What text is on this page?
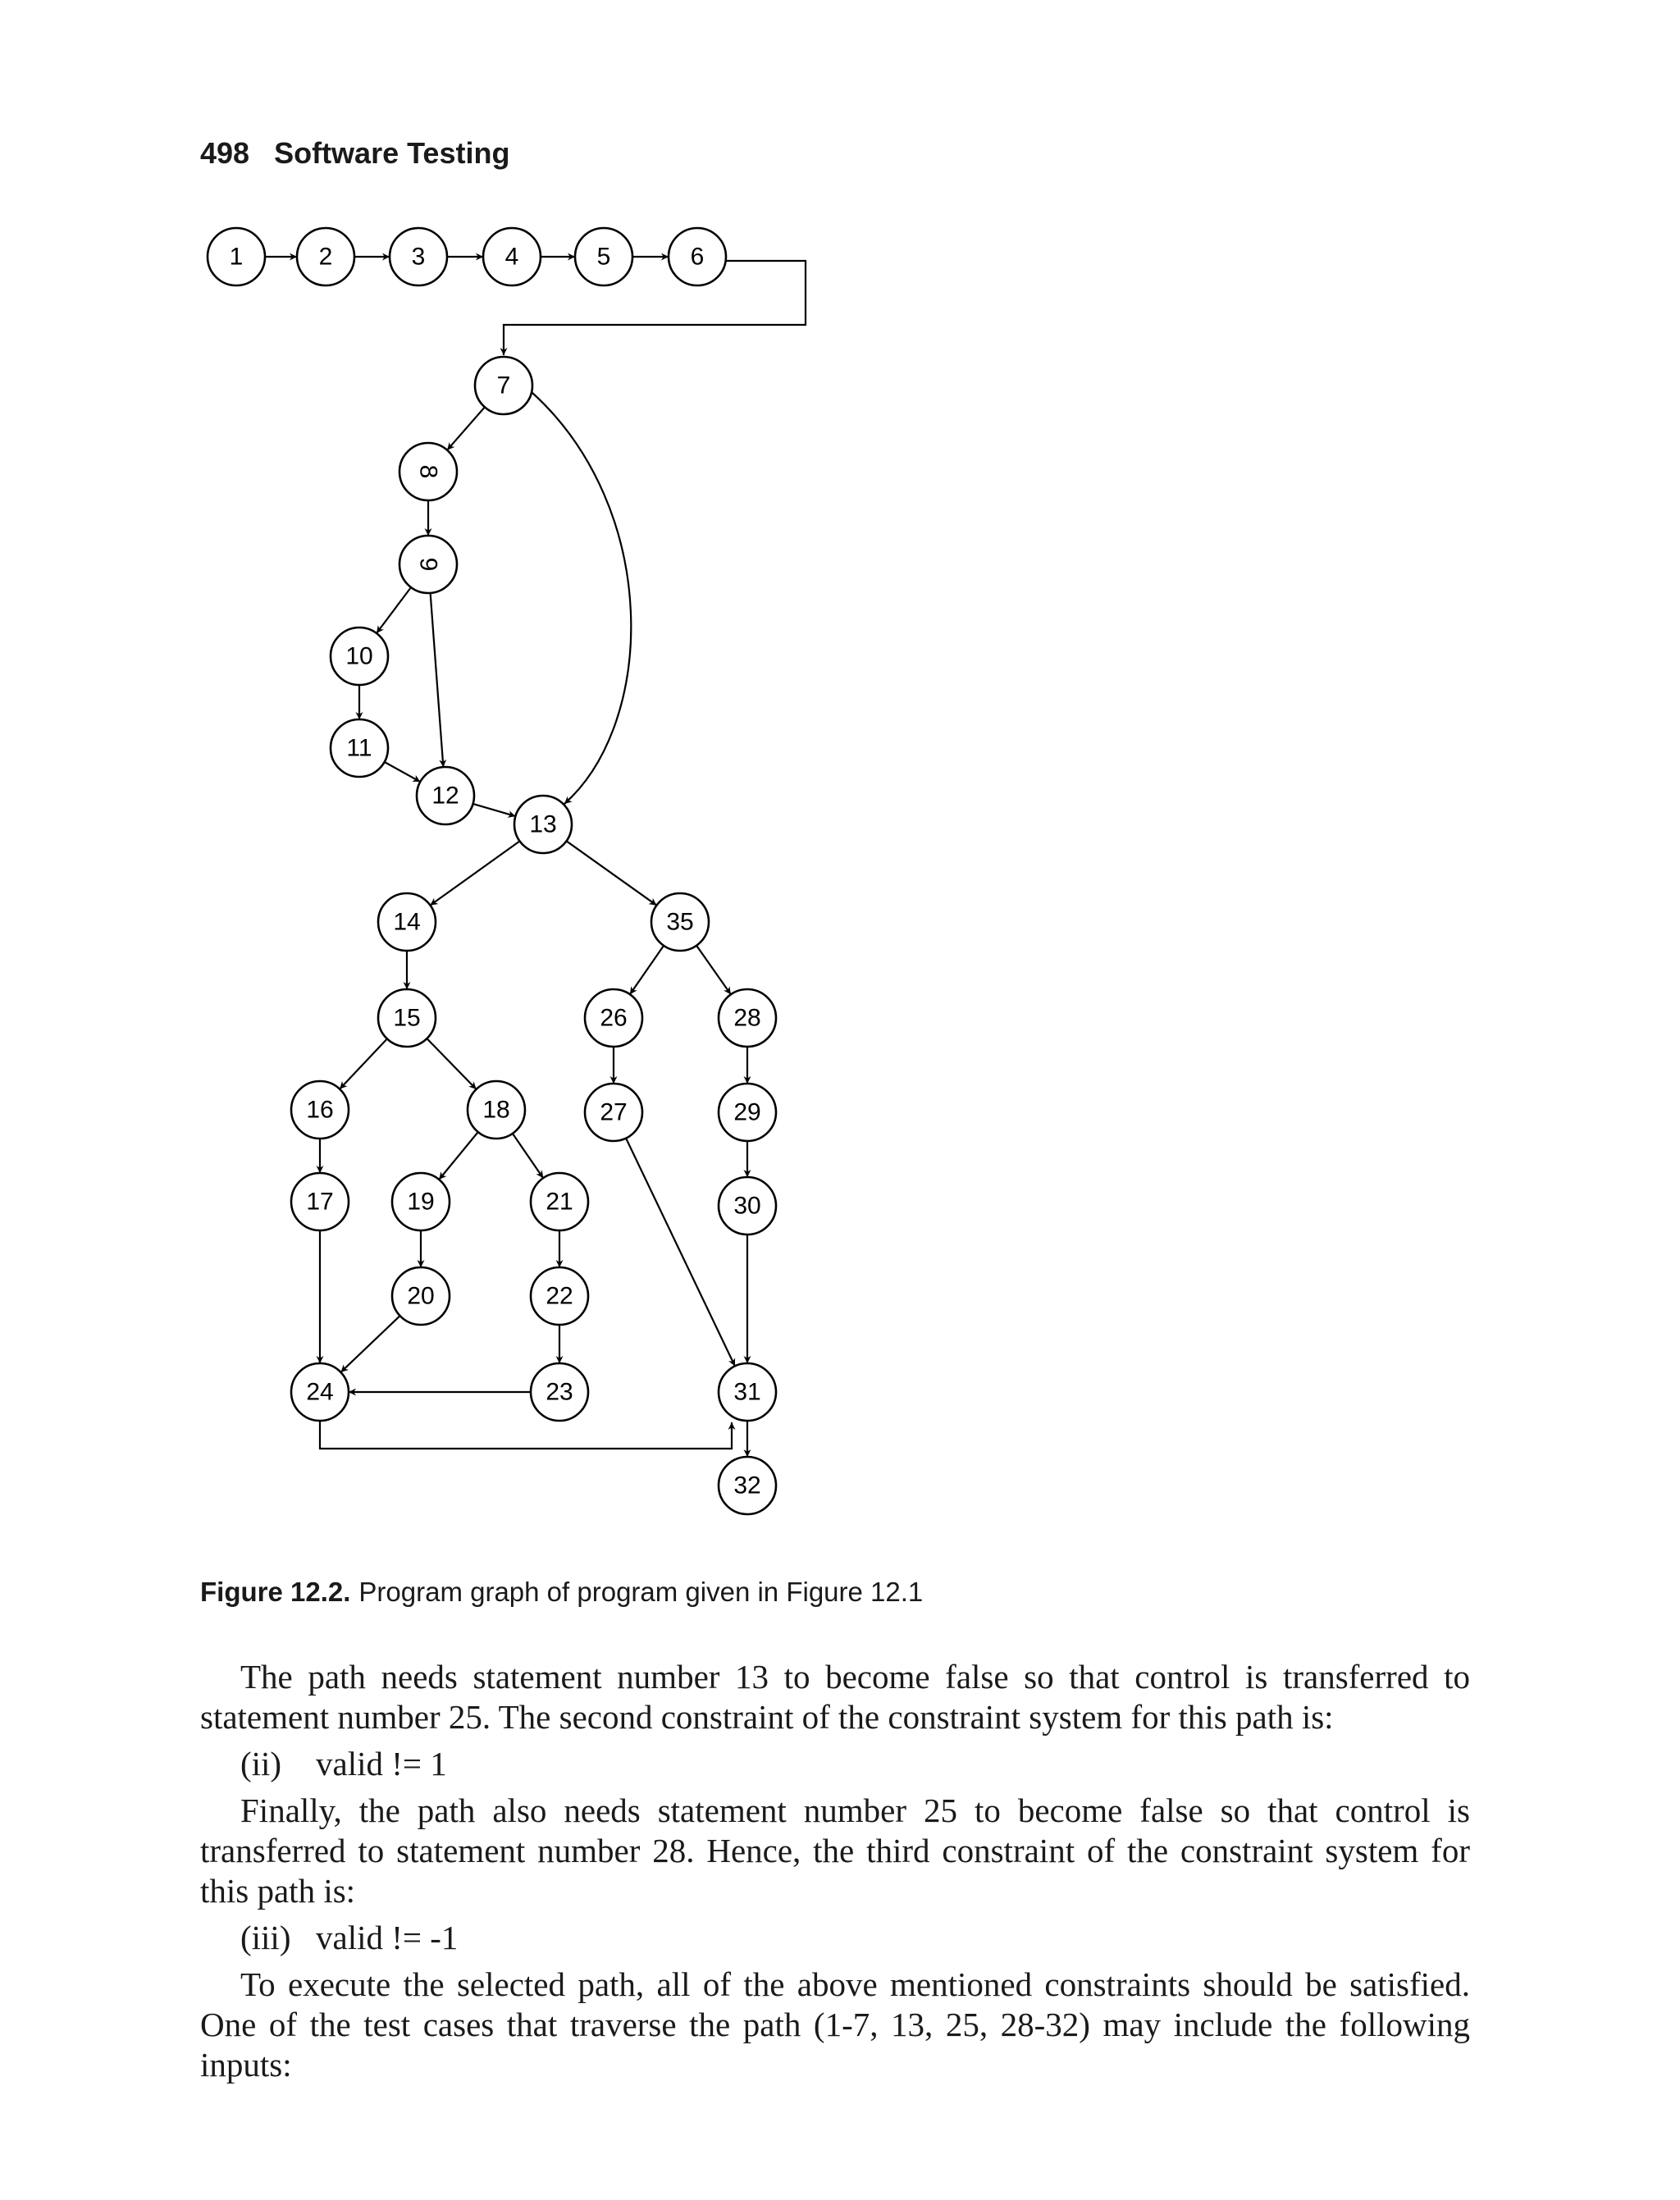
498 Software Testing
1	2	3	4	5	6
7
8
9
10
11
12
13
14
15
16
17
18
19
20
21
22
23
24
26
27
28
29
30
31
32
35
Figure 12.2. Program graph of program given in Figure 12.1

The path needs statement number 13 to become false so that control is transferred to statement number 25. The second constraint of the constraint system for this path is:

(ii) valid != 1

Finally, the path also needs statement number 25 to become false so that control is transferred to statement number 28. Hence, the third constraint of the constraint system for this path is:

(iii) valid != -1

To execute the selected path, all of the above mentioned constraints should be satisfied. One of the test cases that traverse the path (1-7, 13, 25, 28-32) may include the following inputs:
